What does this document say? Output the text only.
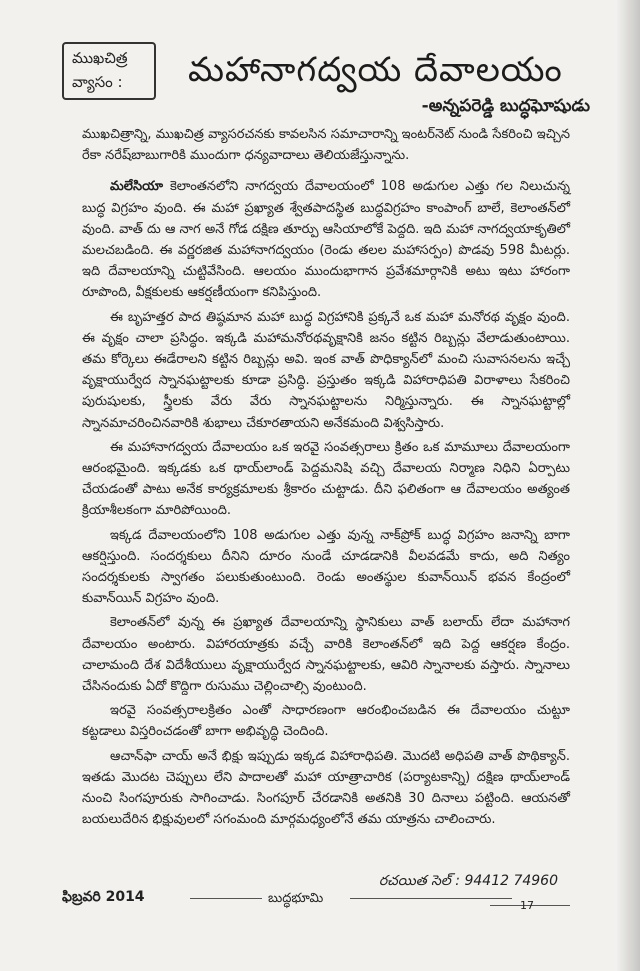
ముఖచిత్ర
వ్యాసం :	మహానాగద్వయ దేవాలయం
-అన్నపరెడ్డి బుద్ధఘోషుడు

ముఖచిత్రాన్ని, ముఖచిత్ర వ్యాసరచనకు కావలసిన సమాచారాన్ని ఇంటర్‌నెట్ నుండి సేకరించి ఇచ్చిన రేకా నరేష్‌బాబుగారికి ముందుగా ధన్యవాదాలు తెలియజేస్తున్నాను.

మలేసియా కెలాంతనలోని నాగద్వయ దేవాలయంలో 108 అడుగుల ఎత్తు గల నిలుచున్న బుద్ధ విగ్రహం వుంది. ఈ మహా ప్రఖ్యాత శ్వేతపాదస్థిత బుద్ధవిగ్రహం కాంపాంగ్ బాలే, కెలాంతన్‌లో వుంది. వాత్ దు ఆ నాగ అనే గోడ దక్షిణ తూర్పు ఆసియాలోకే పెద్దది. ఇది మహా నాగద్వయాకృతిలో మలచబడింది. ఈ వర్ణరజిత మహానాగద్వయం (రెండు తలల మహాసర్పం) పొడవు 598 మీటర్లు. ఇది దేవాలయాన్ని చుట్టివేసింది. ఆలయం ముందుభాగాన ప్రవేశమార్గానికి అటు ఇటు హారంగా రూపొంది, వీక్షకులకు ఆకర్షణీయంగా కనిపిస్తుంది.

ఈ బృహత్తర పాద తిష్ఠమాన మహా బుద్ధ విగ్రహానికి ప్రక్కనే ఒక మహా మనోరథ వృక్షం వుంది. ఈ వృక్షం చాలా ప్రసిద్ధం. ఇక్కడి మహామనోరథవృక్షానికి జనం కట్టిన రిబ్బన్లు వేలాడుతుంటాయి. తమ కోర్కెలు ఈడేరాలని కట్టిన రిబ్బన్లు అవి. ఇంక వాత్ పొధిక్యాన్‌లో మంచి సువాసనలను ఇచ్చే వృక్షాయుర్వేద స్నానఘట్టాలకు కూడా ప్రసిద్ధి. ప్రస్తుతం ఇక్కడి విహారాధిపతి విరాళాలు సేకరించి పురుషులకు, స్త్రీలకు వేరు వేరు స్నానఘట్టాలను నిర్మిస్తున్నారు. ఈ స్నానఘట్టాల్లో స్నానమాచరించినవారికి శుభాలు చేకూరతాయని అనేకమంది విశ్వసిస్తారు.

ఈ మహానాగద్వయ దేవాలయం ఒక ఇరవై సంవత్సరాలు క్రితం ఒక మామూలు దేవాలయంగా ఆరంభమైంది. ఇక్కడకు ఒక థాయ్‌లాండ్ పెద్దమనిషి వచ్చి దేవాలయ నిర్మాణ నిధిని ఏర్పాటు చేయడంతో పాటు అనేక కార్యక్రమాలకు శ్రీకారం చుట్టాడు. దీని ఫలితంగా ఆ దేవాలయం అత్యంత క్రియాశీలకంగా మారిపోయింది.

ఇక్కడ దేవాలయంలోని 108 అడుగుల ఎత్తు వున్న నాక్‌ప్రోక్ బుద్ధ విగ్రహం జనాన్ని బాగా ఆకర్షిస్తుంది. సందర్శకులు దీనిని దూరం నుండే చూడడానికి వీలవడమే కాదు, అది నిత్యం సందర్శకులకు స్వాగతం పలుకుతుంటుంది. రెండు అంతస్థుల కువాన్‌యిన్ భవన కేంద్రంలో కువాన్‌యిన్ విగ్రహం వుంది.

కెలాంతన్‌లో వున్న ఈ ప్రఖ్యాత దేవాలయాన్ని స్థానికులు వాత్ బలాయ్ లేదా మహానాగ దేవాలయం అంటారు. విహారయాత్రకు వచ్చే వారికి కెలాంతన్‌లో ఇది పెద్ద ఆకర్షణ కేంద్రం. చాలామంది దేశ విదేశీయులు వృక్షాయుర్వేద స్నానఘట్టాలకు, ఆవిరి స్నానాలకు వస్తారు. స్నానాలు చేసినందుకు ఏదో కొద్దిగా రుసుము చెల్లించాల్సి వుంటుంది.

ఇరవై సంవత్సరాలక్రితం ఎంతో సాధారణంగా ఆరంభించబడిన ఈ దేవాలయం చుట్టూ కట్టడాలు విస్తరించడంతో బాగా అభివృద్ధి చెందింది.

ఆచాన్‌ఫా చాయ్ అనే భిక్షు ఇప్పుడు ఇక్కడ విహారాధిపతి. మొదటి అధిపతి వాత్ పొథిక్యాన్. ఇతడు మొదట చెప్పులు లేని పాదాలతో మహా యాత్రాచారిక (పర్యాటకాన్ని) దక్షిణ థాయ్‌లాండ్ నుంచి సింగపూరుకు సాగించాడు. సింగపూర్ చేరడానికి అతనికి 30 దినాలు పట్టింది. ఆయనతో బయలుదేరిన భిక్షువులలో సగంమంది మార్గమధ్యంలోనే తమ యాత్రను చాలించారు.

రచయిత సెల్ : 94412 74960
ఫిబ్రవరి 2014	బుద్ధభూమి	17
